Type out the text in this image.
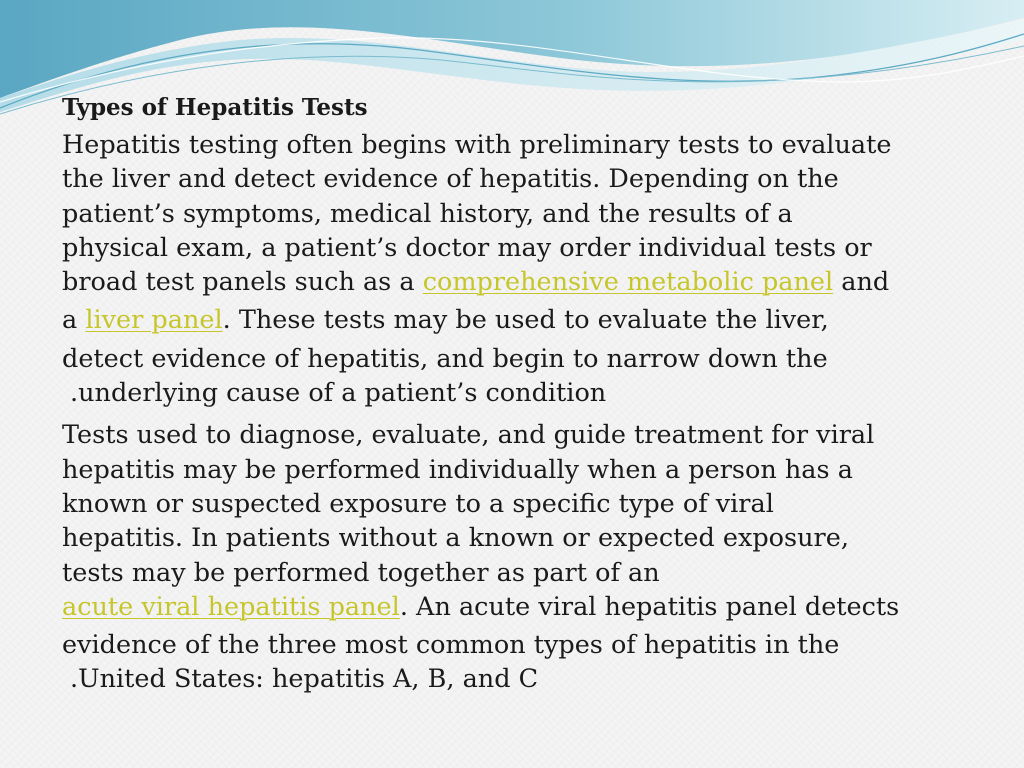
Types of Hepatitis Tests

Hepatitis testing often begins with preliminary tests to evaluate
the liver and detect evidence of hepatitis. Depending on the
patient’s symptoms, medical history, and the results of a
physical exam, a patient’s doctor may order individual tests or
broad test panels such as a comprehensive metabolic panel and
a liver panel. These tests may be used to evaluate the liver,
detect evidence of hepatitis, and begin to narrow down the
.underlying cause of a patient’s condition

Tests used to diagnose, evaluate, and guide treatment for viral
hepatitis may be performed individually when a person has a
known or suspected exposure to a specific type of viral
hepatitis. In patients without a known or expected exposure,
tests may be performed together as part of an
acute viral hepatitis panel. An acute viral hepatitis panel detects
evidence of the three most common types of hepatitis in the
.United States: hepatitis A, B, and C
